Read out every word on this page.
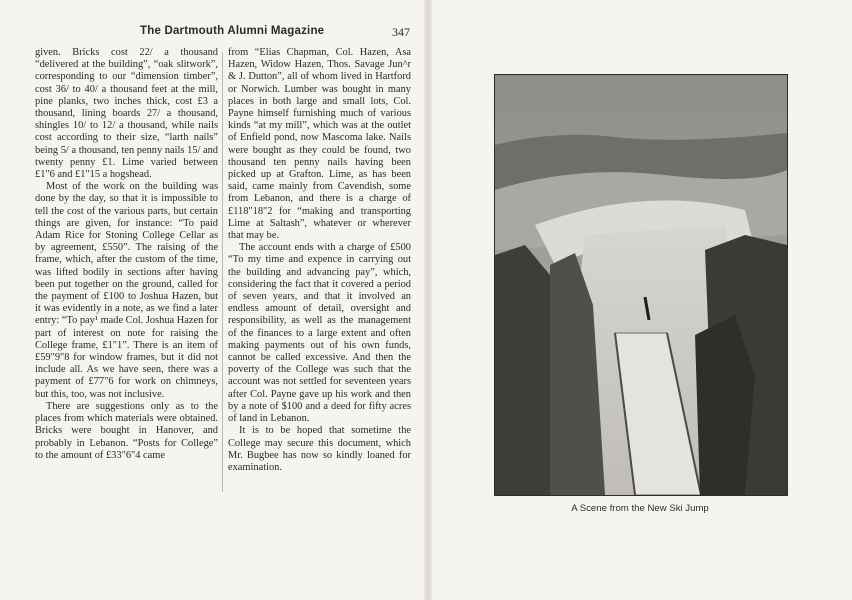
The Dartmouth Alumni Magazine	347

given. Bricks cost 22/ a thousand “delivered at the building”, “oak slitwork”, corresponding to our “dimension timber”, cost 36/ to 40/ a thousand feet at the mill, pine planks, two inches thick, cost £3 a thousand, lining boards 27/ a thousand, shingles 10/ to 12/ a thousand, while nails cost according to their size, “larth nails” being 5/ a thousand, ten penny nails 15/ and twenty penny £1. Lime varied between £1"6 and £1"15 a hogshead.

Most of the work on the building was done by the day, so that it is impossible to tell the cost of the various parts, but certain things are given, for instance: “To paid Adam Rice for Stoning College Cellar as by agreement, £550”. The raising of the frame, which, after the custom of the time, was lifted bodily in sections after having been put together on the ground, called for the payment of £100 to Joshua Hazen, but it was evidently in a note, as we find a later entry: “To pay¹ made Col. Joshua Hazen for part of interest on note for raising the College frame, £1"1”. There is an item of £59"9"8 for window frames, but it did not include all. As we have seen, there was a payment of £77"6 for work on chimneys, but this, too, was not inclusive.

There are suggestions only as to the places from which materials were obtained. Bricks were bought in Hanover, and probably in Lebanon. “Posts for College” to the amount of £33"6"4 came

from “Elias Chapman, Col. Hazen, Asa Hazen, Widow Hazen, Thos. Savage Jun^r & J. Dutton”, all of whom lived in Hartford or Norwich. Lumber was bought in many places in both large and small lots, Col. Payne himself furnishing much of various kinds “at my mill”, which was at the outlet of Enfield pond, now Mascoma lake. Nails were bought as they could be found, two thousand ten penny nails having been picked up at Grafton. Lime, as has been said, came mainly from Cavendish, some from Lebanon, and there is a charge of £118"18"2 for “making and transporting Lime at Saltash”, whatever or wherever that may be.

The account ends with a charge of £500 “To my time and expence in carrying out the building and advancing pay”, which, considering the fact that it covered a period of seven years, and that it involved an endless amount of detail, oversight and responsibility, as well as the management of the finances to a large extent and often making payments out of his own funds, cannot be called excessive. And then the poverty of the College was such that the account was not settled for seventeen years after Col. Payne gave up his work and then by a note of $100 and a deed for fifty acres of land in Lebanon.

It is to be hoped that sometime the College may secure this document, which Mr. Bugbee has now so kindly loaned for examination.

A Scene from the New Ski Jump
